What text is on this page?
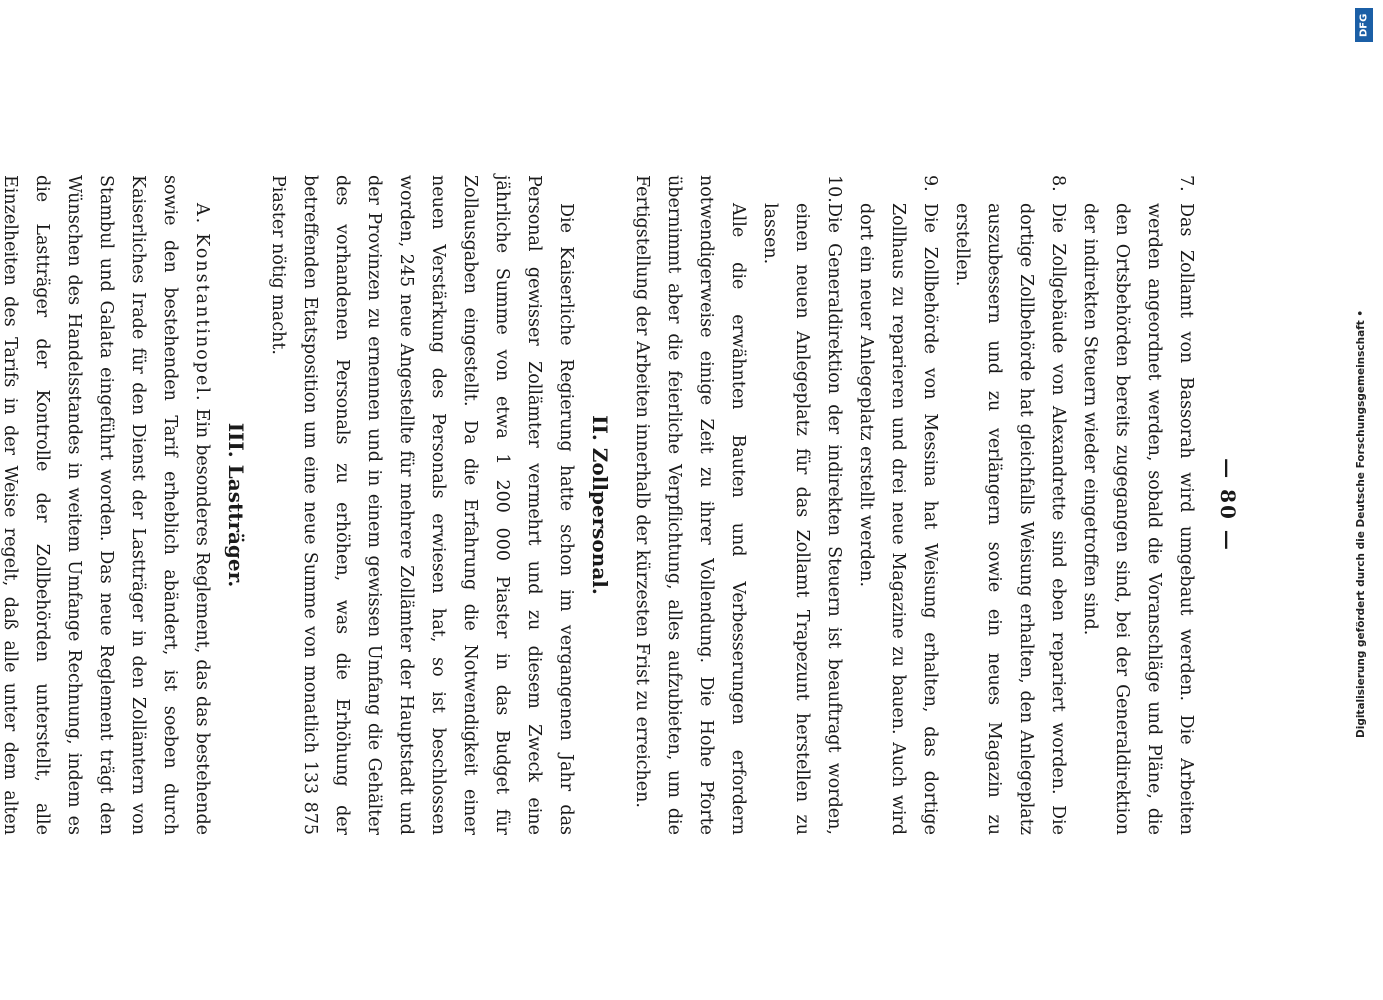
— 80 —

7.Das Zollamt von Bassorah wird umgebaut werden. Die Arbeiten werden angeordnet werden, sobald die Voranschläge und Pläne, die den Ortsbehörden bereits zugegangen sind, bei der Generaldirektion der indirekten Steuern wieder eingetroffen sind.

8.Die Zollgebäude von Alexandrette sind eben repariert worden. Die dortige Zollbehörde hat gleichfalls Weisung erhalten, den Anlegeplatz auszubessern und zu verlängern sowie ein neues Magazin zu erstellen.

9.Die Zollbehörde von Messina hat Weisung erhalten, das dortige Zollhaus zu reparieren und drei neue Magazine zu bauen. Auch wird dort ein neuer Anlegeplatz erstellt werden.

10.Die Generaldirektion der indirekten Steuern ist beauftragt worden, einen neuen Anlegeplatz für das Zollamt Trapezunt herstellen zu lassen.

Alle die erwähnten Bauten und Verbesserungen erfordern notwendigerweise einige Zeit zu ihrer Vollendung. Die Hohe Pforte übernimmt aber die feierliche Verpflichtung, alles aufzubieten, um die Fertigstellung der Arbeiten innerhalb der kürzesten Frist zu erreichen.

II. Zollpersonal.

Die Kaiserliche Regierung hatte schon im vergangenen Jahr das Personal gewisser Zollämter vermehrt und zu diesem Zweck eine jährliche Summe von etwa 1 200 000 Piaster in das Budget für Zollausgaben eingestellt. Da die Erfahrung die Notwendigkeit einer neuen Verstärkung des Personals erwiesen hat, so ist beschlossen worden, 245 neue Angestellte für mehrere Zollämter der Hauptstadt und der Provinzen zu ernennen und in einem gewissen Umfang die Gehälter des vorhandenen Personals zu erhöhen, was die Erhöhung der betreffenden Etatsposition um eine neue Summe von monatlich 133 875 Piaster nötig macht.

III. Lastträger.

A. Konstantinopel. Ein besonderes Reglement, das das bestehende sowie den bestehenden Tarif erheblich abändert, ist soeben durch Kaiserliches Irade für den Dienst der Lastträger in den Zollämtern von Stambul und Galata eingeführt worden. Das neue Reglement trägt den Wünschen des Handelsstandes in weitem Umfange Rechnung, indem es die Lastträger der Kontrolle der Zollbehörden unterstellt, alle Einzelheiten des Tarifs in der Weise regelt, daß alle unter dem alten

DFG
Digitalisierung gefördert durch die Deutsche Forschungsgemeinschaft •
